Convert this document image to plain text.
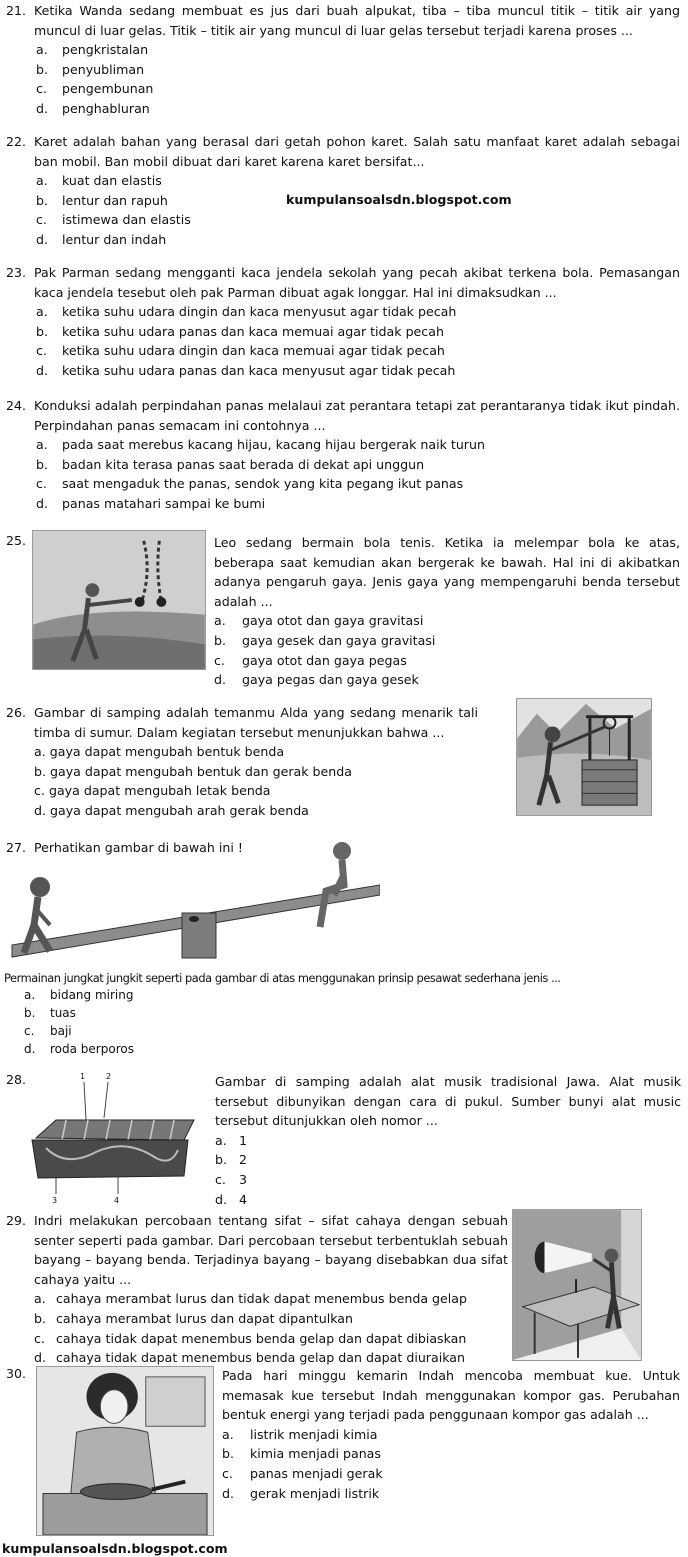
21. Ketika Wanda sedang membuat es jus dari buah alpukat, tiba – tiba muncul titik – titik air yang muncul di luar gelas. Titik – titik air yang muncul di luar gelas tersebut terjadi karena proses ...
a.	pengkristalan
b.	penyubliman
c.	pengembunan
d.	penghabluran
22. Karet adalah bahan yang berasal dari getah pohon karet. Salah satu manfaat karet adalah sebagai ban mobil. Ban mobil dibuat dari karet karena karet bersifat...
a.	kuat dan elastis
b.	lentur dan rapuh
c.	istimewa dan elastis
d.	lentur dan indah
kumpulansoalsdn.blogspot.com
23. Pak Parman sedang mengganti kaca jendela sekolah yang pecah akibat terkena bola. Pemasangan kaca jendela tesebut oleh pak Parman dibuat agak longgar. Hal ini dimaksudkan ...
a.	ketika suhu udara dingin dan kaca menyusut agar tidak pecah
b.	ketika suhu udara panas dan kaca memuai agar tidak pecah
c.	ketika suhu udara dingin dan kaca memuai agar tidak pecah
d.	ketika suhu udara panas dan kaca menyusut agar tidak pecah
24. Konduksi adalah perpindahan panas melalaui zat perantara tetapi zat perantaranya tidak ikut pindah. Perpindahan panas semacam ini contohnya ...
a.	pada saat merebus kacang hijau, kacang hijau bergerak naik turun
b.	badan kita terasa panas saat berada di dekat api unggun
c.	saat mengaduk the panas, sendok yang kita pegang ikut panas
d.	panas matahari sampai ke bumi
25.	Leo sedang bermain bola tenis. Ketika ia melempar bola ke atas, beberapa saat kemudian akan bergerak ke bawah. Hal ini di akibatkan adanya pengaruh gaya. Jenis gaya yang mempengaruhi benda tersebut adalah ...
a.	gaya otot dan gaya gravitasi
b.	gaya gesek dan gaya gravitasi
c.	gaya otot dan gaya pegas
d.	gaya pegas dan gaya gesek
26. Gambar di samping adalah temanmu Alda yang sedang menarik tali timba di sumur. Dalam kegiatan tersebut menunjukkan bahwa ...
a. gaya dapat mengubah bentuk benda
b. gaya dapat mengubah bentuk dan gerak benda
c. gaya dapat mengubah letak benda
d. gaya dapat mengubah arah gerak benda
27. Perhatikan gambar di bawah ini !
Permainan jungkat jungkit seperti pada gambar di atas menggunakan prinsip pesawat sederhana jenis ...
a.	bidang miring
b.	tuas
c.	baji
d.	roda berporos
28.	1	2
3	4
Gambar di samping adalah alat musik tradisional Jawa. Alat musik tersebut dibunyikan dengan cara di pukul. Sumber bunyi alat music tersebut ditunjukkan oleh nomor ...
a. 1
b. 2
c.	3
d. 4
29. Indri melakukan percobaan tentang sifat – sifat cahaya dengan sebuah senter seperti pada gambar. Dari percobaan tersebut terbentuklah sebuah bayang – bayang benda. Terjadinya bayang – bayang disebabkan dua sifat cahaya yaitu ...
a. cahaya merambat lurus dan tidak dapat menembus benda gelap
b. cahaya merambat lurus dan dapat dipantulkan
c. cahaya tidak dapat menembus benda gelap dan dapat dibiaskan
d. cahaya tidak dapat menembus benda gelap dan dapat diuraikan
30.	Pada hari minggu kemarin Indah mencoba membuat kue. Untuk memasak kue tersebut Indah menggunakan kompor gas. Perubahan bentuk energi yang terjadi pada penggunaan kompor gas adalah ...
a.	listrik menjadi kimia
b.	kimia menjadi panas
c.	panas menjadi gerak
d.	gerak menjadi listrik
kumpulansoalsdn.blogspot.com
